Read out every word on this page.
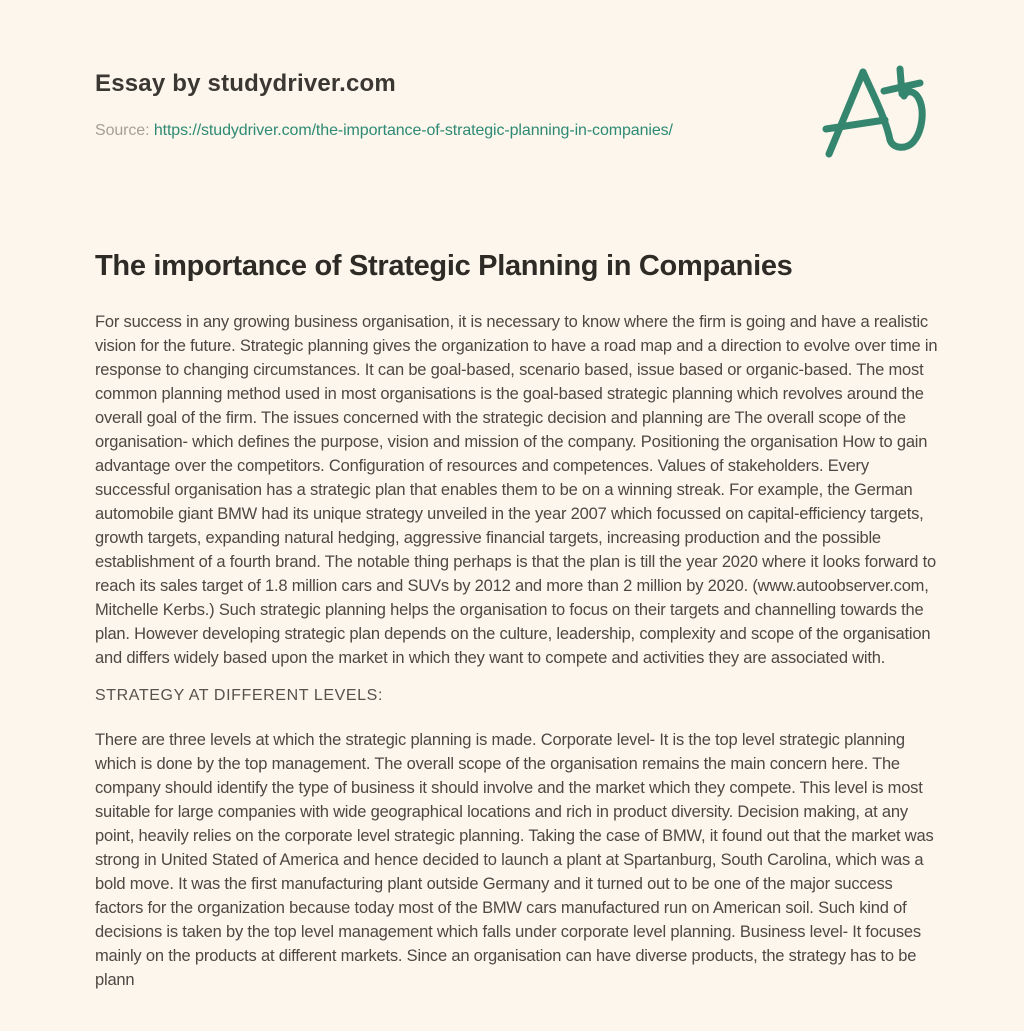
Essay by studydriver.com
Source: https://studydriver.com/the-importance-of-strategic-planning-in-companies/
The importance of Strategic Planning in Companies

For success in any growing business organisation, it is necessary to know where the firm is going and have a realistic vision for the future. Strategic planning gives the organization to have a road map and a direction to evolve over time in response to changing circumstances. It can be goal-based, scenario based, issue based or organic-based. The most common planning method used in most organisations is the goal-based strategic planning which revolves around the overall goal of the firm. The issues concerned with the strategic decision and planning are The overall scope of the organisation- which defines the purpose, vision and mission of the company. Positioning the organisation How to gain advantage over the competitors. Configuration of resources and competences. Values of stakeholders. Every successful organisation has a strategic plan that enables them to be on a winning streak. For example, the German automobile giant BMW had its unique strategy unveiled in the year 2007 which focussed on capital-efficiency targets, growth targets, expanding natural hedging, aggressive financial targets, increasing production and the possible establishment of a fourth brand. The notable thing perhaps is that the plan is till the year 2020 where it looks forward to reach its sales target of 1.8 million cars and SUVs by 2012 and more than 2 million by 2020. (www.autoobserver.com, Mitchelle Kerbs.) Such strategic planning helps the organisation to focus on their targets and channelling towards the plan. However developing strategic plan depends on the culture, leadership, complexity and scope of the organisation and differs widely based upon the market in which they want to compete and activities they are associated with.

STRATEGY AT DIFFERENT LEVELS:

There are three levels at which the strategic planning is made. Corporate level- It is the top level strategic planning which is done by the top management. The overall scope of the organisation remains the main concern here. The company should identify the type of business it should involve and the market which they compete. This level is most suitable for large companies with wide geographical locations and rich in product diversity. Decision making, at any point, heavily relies on the corporate level strategic planning. Taking the case of BMW, it found out that the market was strong in United Stated of America and hence decided to launch a plant at Spartanburg, South Carolina, which was a bold move. It was the first manufacturing plant outside Germany and it turned out to be one of the major success factors for the organization because today most of the BMW cars manufactured run on American soil. Such kind of decisions is taken by the top level management which falls under corporate level planning. Business level- It focuses mainly on the products at different markets. Since an organisation can have diverse products, the strategy has to be plann
